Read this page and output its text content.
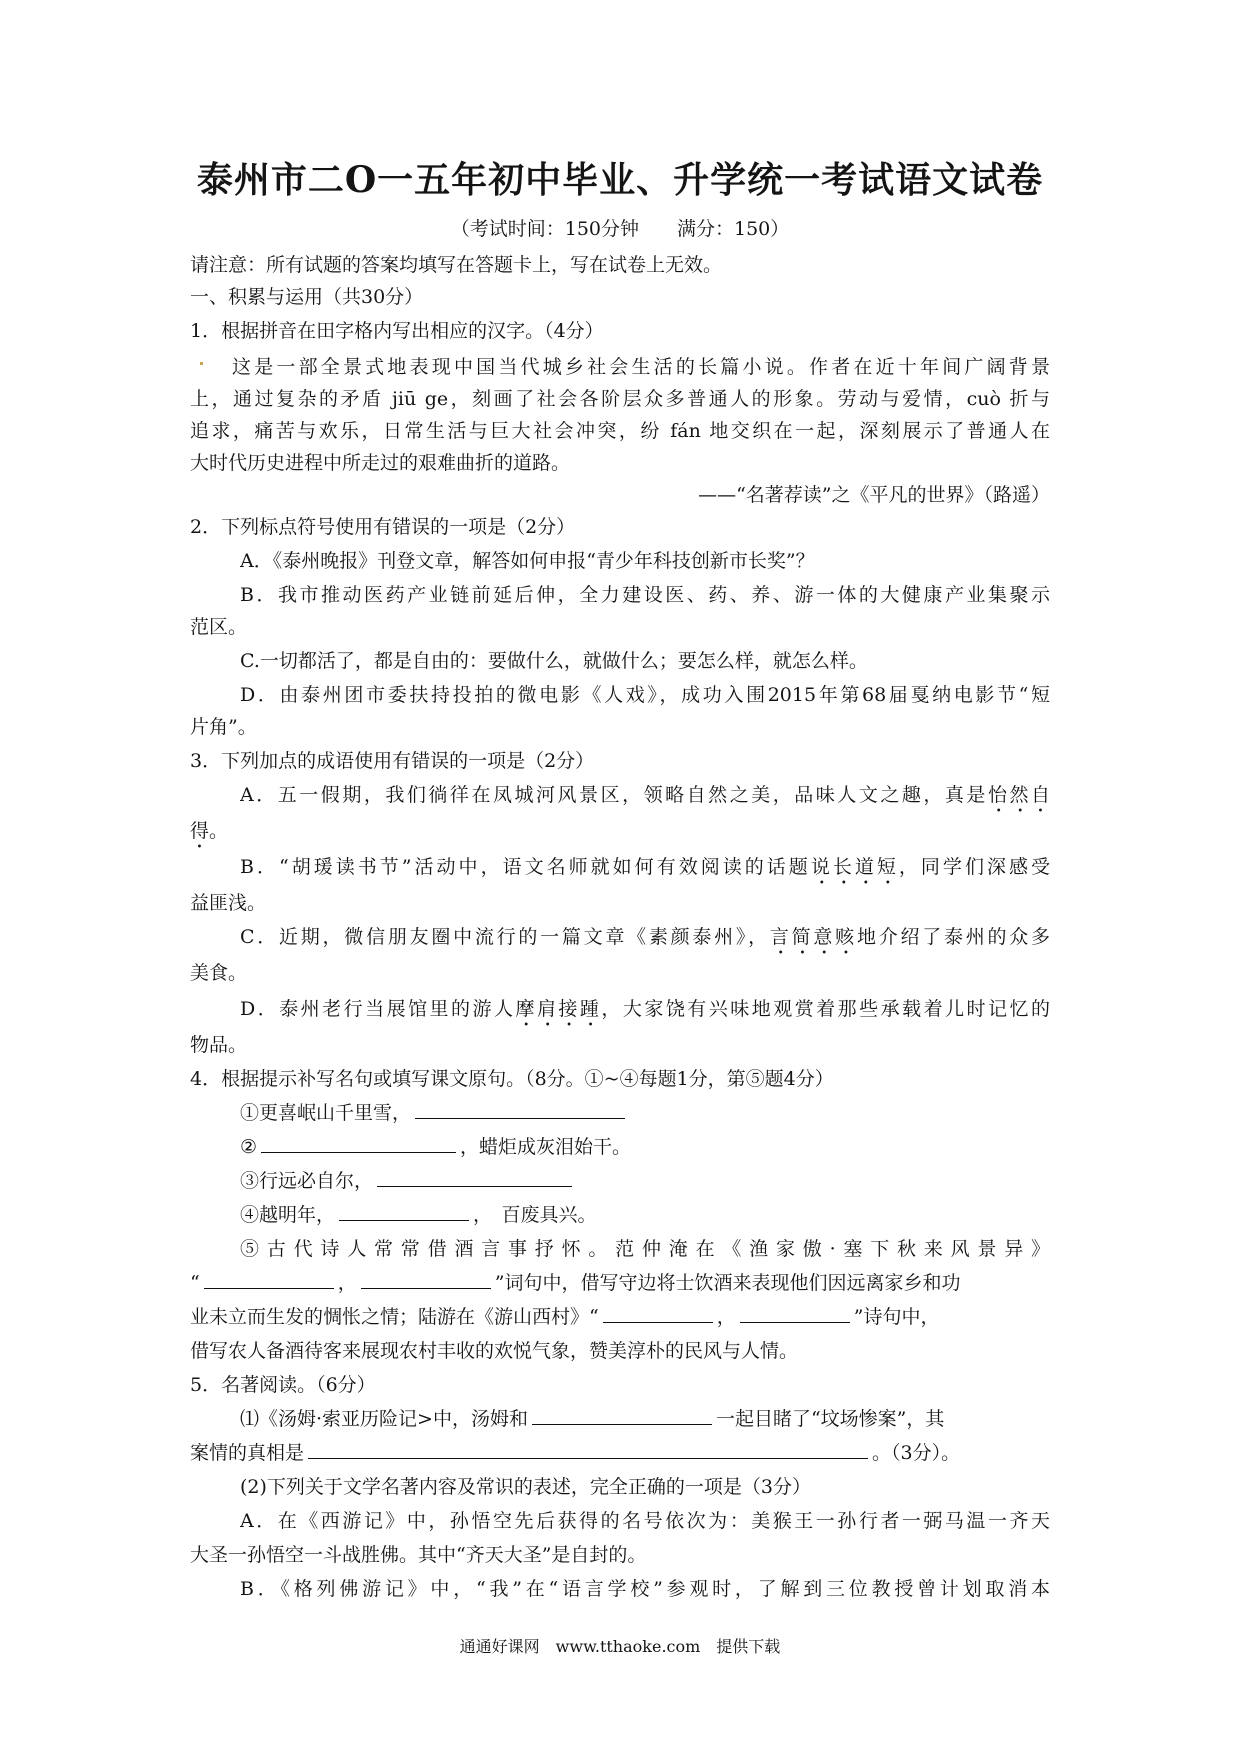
泰州市二O一五年初中毕业、升学统一考试语文试卷
（考试时间：150分钟　　满分：150）
请注意：所有试题的答案均填写在答题卡上，写在试卷上无效。
一、积累与运用（共30分）
1．根据拼音在田字格内写出相应的汉字。（4分）
这是一部全景式地表现中国当代城乡社会生活的长篇小说。作者在近十年间广阔背景
上，通过复杂的矛盾 jiū ge，刻画了社会各阶层众多普通人的形象。劳动与爱情，cuò 折与
追求，痛苦与欢乐，日常生活与巨大社会冲突，纷 fán 地交织在一起，深刻展示了普通人在
大时代历史进程中所走过的艰难曲折的道路。
——“名著荐读”之《平凡的世界》（路遥）
2．下列标点符号使用有错误的一项是（2分）
A．《泰州晚报》刊登文章，解答如何申报“青少年科技创新市长奖”？
B．我市推动医药产业链前延后伸，全力建设医、药、养、游一体的大健康产业集聚示
范区。
C.一切都活了，都是自由的：要做什么，就做什么；要怎么样，就怎么样。
D．由泰州团市委扶持投拍的微电影《人戏》，成功入围2015年第68届戛纳电影节“短
片角”。
3．下列加点的成语使用有错误的一项是（2分）
A．五一假期，我们徜徉在凤城河风景区，领略自然之美，品味人文之趣，真是怡然自
得。
B．“胡瑗读书节”活动中，语文名师就如何有效阅读的话题说长道短，同学们深感受
益匪浅。
C．近期，微信朋友圈中流行的一篇文章《素颜泰州》，言简意赅地介绍了泰州的众多
美食。
D．泰州老行当展馆里的游人摩肩接踵，大家饶有兴味地观赏着那些承载着儿时记忆的
物品。
4．根据提示补写名句或填写课文原句。（8分。①~④每题1分，第⑤题4分）
①更喜岷山千里雪，
②	，蜡炬成灰泪始干。
③行远必自尔，
④越明年，	，　百废具兴。
⑤古代诗人常常借酒言事抒怀。范仲淹在《渔家傲·塞下秋来风景异》
“	，	”词句中，借写守边将士饮酒来表现他们因远离家乡和功
业未立而生发的惆怅之情；陆游在《游山西村》“	，	”诗句中，
借写农人备酒待客来展现农村丰收的欢悦气象，赞美淳朴的民风与人情。
5．名著阅读。（6分）
⑴《汤姆·索亚历险记>中，汤姆和	一起目睹了“坟场惨案”，其
案情的真相是	。（3分）。
(2)下列关于文学名著内容及常识的表述，完全正确的一项是（3分）
A．在《西游记》中，孙悟空先后获得的名号依次为：美猴王一孙行者一弼马温一齐天
大圣一孙悟空一斗战胜佛。其中“齐天大圣”是自封的。
B．《格列佛游记》中，“我”在“语言学校”参观时，了解到三位教授曾计划取消本
通通好课网　www.tthaoke.com　提供下载
